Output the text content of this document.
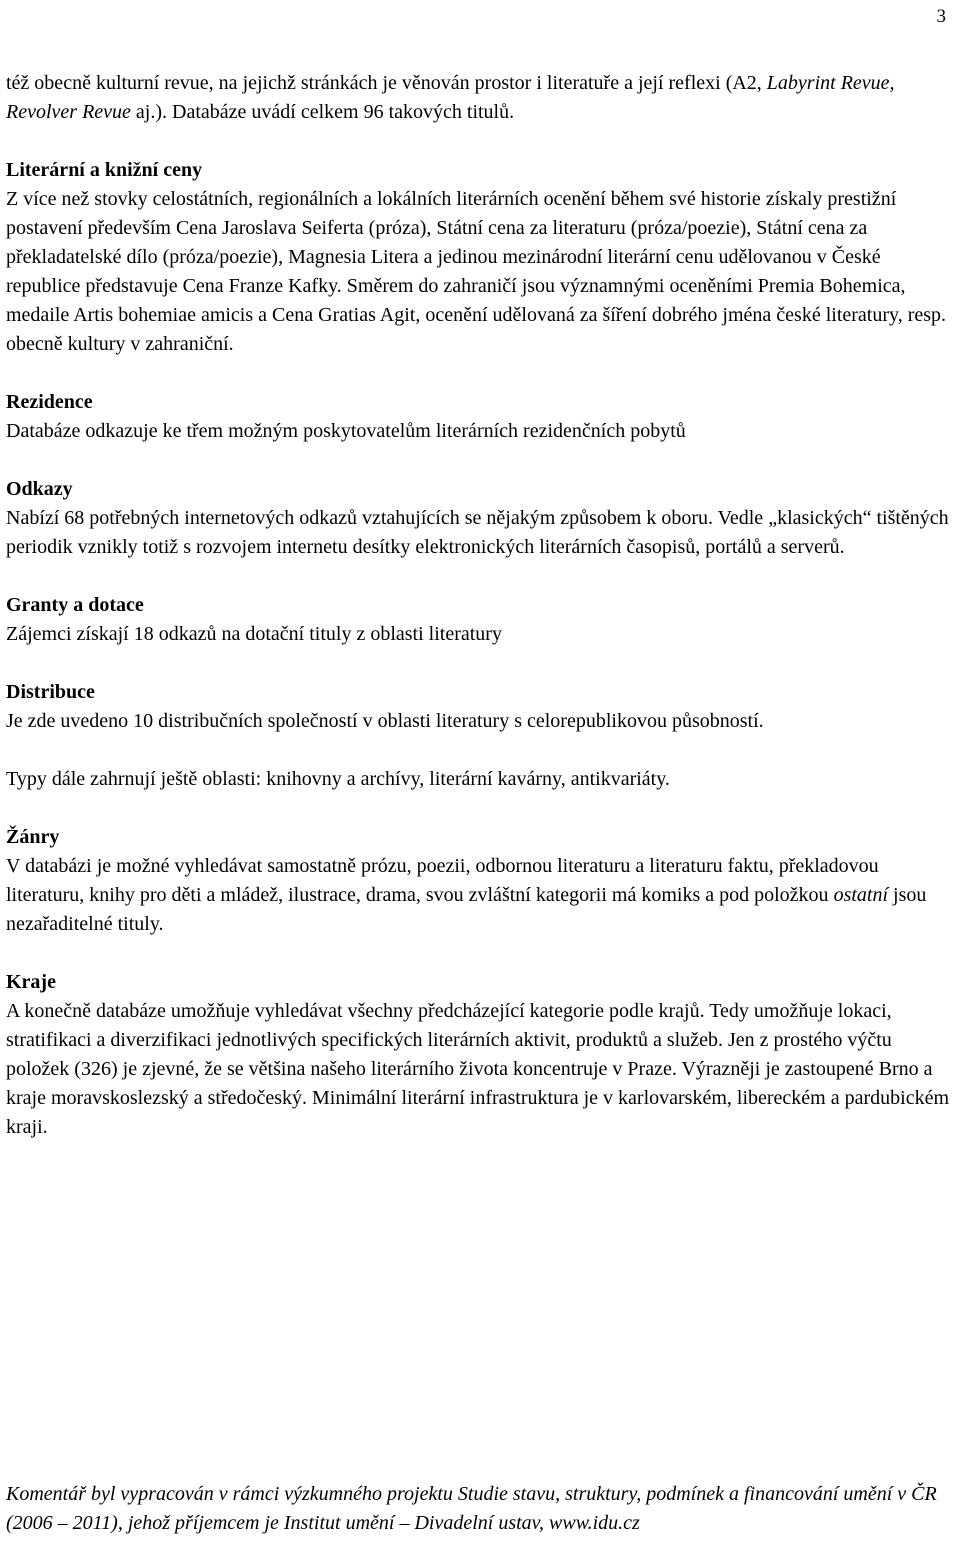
3

též obecně kulturní revue, na jejichž stránkách je věnován prostor i literatuře a její reflexi (A2, Labyrint Revue, Revolver Revue aj.). Databáze uvádí celkem 96 takových titulů.

Literární a knižní ceny

Z více než stovky celostátních, regionálních a lokálních literárních ocenění během své historie získaly prestižní postavení především Cena Jaroslava Seiferta (próza), Státní cena za literaturu (próza/poezie), Státní cena za překladatelské dílo (próza/poezie), Magnesia Litera a jedinou mezinárodní literární cenu udělovanou v České republice představuje Cena Franze Kafky. Směrem do zahraničí jsou významnými oceněními Premia Bohemica, medaile Artis bohemiae amicis a Cena Gratias Agit, ocenění udělovaná za šíření dobrého jména české literatury, resp. obecně kultury v zahraniční.

Rezidence

Databáze odkazuje ke třem možným poskytovatelům literárních rezidenčních pobytů

Odkazy

Nabízí 68 potřebných internetových odkazů vztahujících se nějakým způsobem k oboru. Vedle „klasických“ tištěných periodik vznikly totiž s rozvojem internetu desítky elektronických literárních časopisů, portálů a serverů.

Granty a dotace

Zájemci získají 18 odkazů na dotační tituly z oblasti literatury

Distribuce

Je zde uvedeno 10 distribučních společností v oblasti literatury s celorepublikovou působností.

Typy dále zahrnují ještě oblasti: knihovny a archívy, literární kavárny, antikvariáty.

Žánry

V databázi je možné vyhledávat samostatně prózu, poezii, odbornou literaturu a literaturu faktu, překladovou literaturu, knihy pro děti a mládež, ilustrace, drama, svou zvláštní kategorii má komiks a pod položkou ostatní jsou nezařaditelné tituly.

Kraje

A konečně databáze umožňuje vyhledávat všechny předcházející kategorie podle krajů. Tedy umožňuje lokaci, stratifikaci a diverzifikaci jednotlivých specifických literárních aktivit, produktů a služeb. Jen z prostého výčtu položek (326) je zjevné, že se většina našeho literárního života koncentruje v Praze. Výrazněji je zastoupené Brno a kraje moravskoslezský a středočeský. Minimální literární infrastruktura je v karlovarském, libereckém a pardubickém kraji.

Komentář byl vypracován v rámci výzkumného projektu Studie stavu, struktury, podmínek a financování umění v ČR (2006 – 2011), jehož příjemcem je Institut umění – Divadelní ustav, www.idu.cz
